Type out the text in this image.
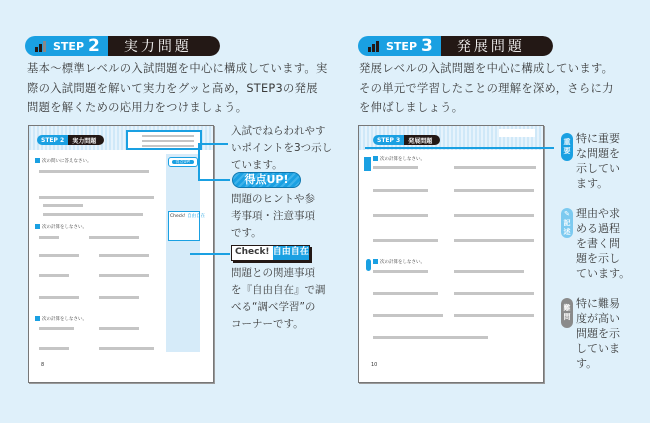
STEP 2	実力問題
基本〜標準レベルの入試問題を中心に構成しています。実
際の入試問題を解いて実力をグッと高め，STEP3の発展
問題を解くための応用力をつけましょう。
STEP 2	実力問題
得点UP!
Check! 自由自在
次の問いに答えなさい。
次の計算をしなさい。
次の計算をしなさい。
8
入試でねらわれやす
いポイントを3つ示し
ています。
得点UP!
問題のヒントや参
考事項・注意事項
です。
Check! 自由自在
問題との関連事項
を『自由自在』で調
べる“調べ学習”の
コーナーです。
STEP 3	発展問題
発展レベルの入試問題を中心に構成しています。
その単元で学習したことの理解を深め，さらに力
を伸ばしましょう。
STEP 3	発展問題
次の計算をしなさい。
次の計算をしなさい。
10
重
要
特に重要
な問題を
示してい
ます。
✎
記
述
理由や求
める過程
を書く問
題を示し
ています。
難
問
特に難易
度が高い
問題を示
していま
す。
